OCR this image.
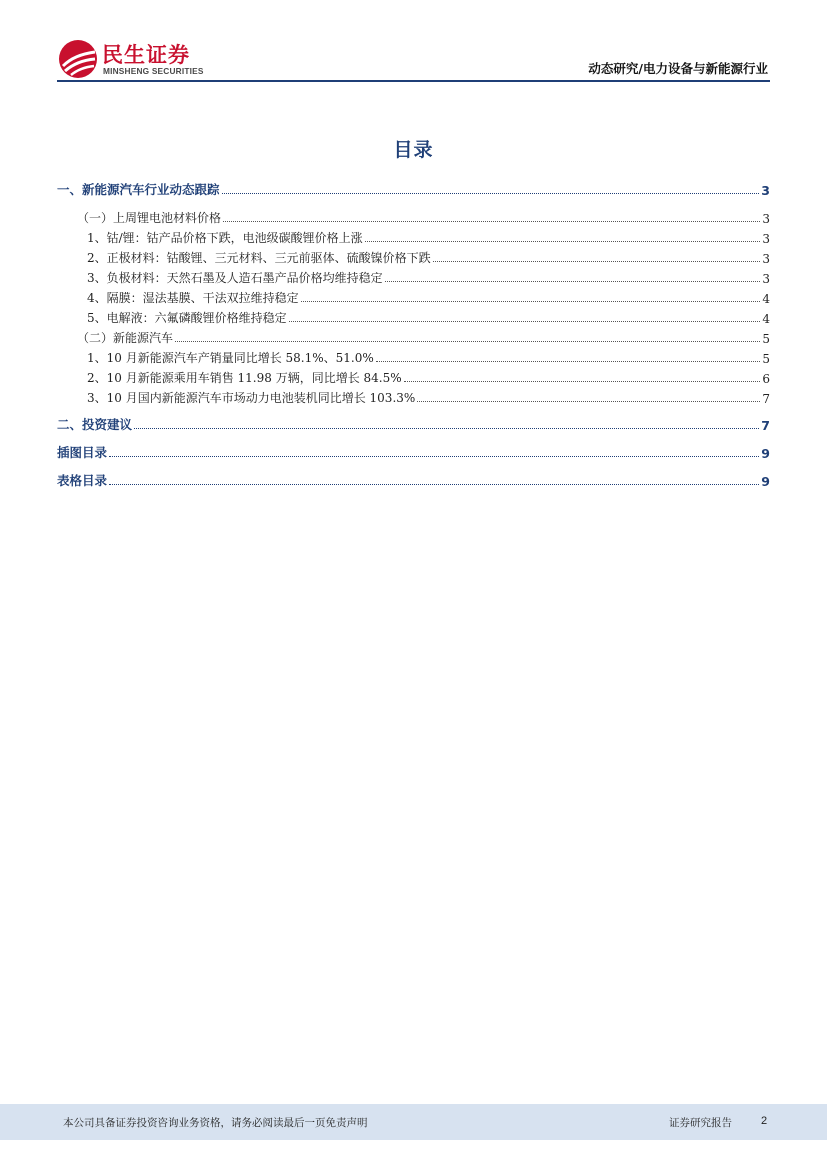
民生证券
MINSHENG SECURITIES	动态研究/电力设备与新能源行业
目录
一、新能源汽车行业动态跟踪	3
（一）上周锂电池材料价格	3
1、钴/锂：钴产品价格下跌，电池级碳酸锂价格上涨	3
2、正极材料：钴酸锂、三元材料、三元前驱体、硫酸镍价格下跌	3
3、负极材料：天然石墨及人造石墨产品价格均维持稳定	3
4、隔膜：湿法基膜、干法双拉维持稳定	4
5、电解液：六氟磷酸锂价格维持稳定	4
（二）新能源汽车	5
1、10 月新能源汽车产销量同比增长 58.1%、51.0%	5
2、10 月新能源乘用车销售 11.98 万辆，同比增长 84.5%	6
3、10 月国内新能源汽车市场动力电池装机同比增长 103.3%	7
二、投资建议	7
插图目录	9
表格目录	9
本公司具备证券投资咨询业务资格，请务必阅读最后一页免责声明	证券研究报告	2
